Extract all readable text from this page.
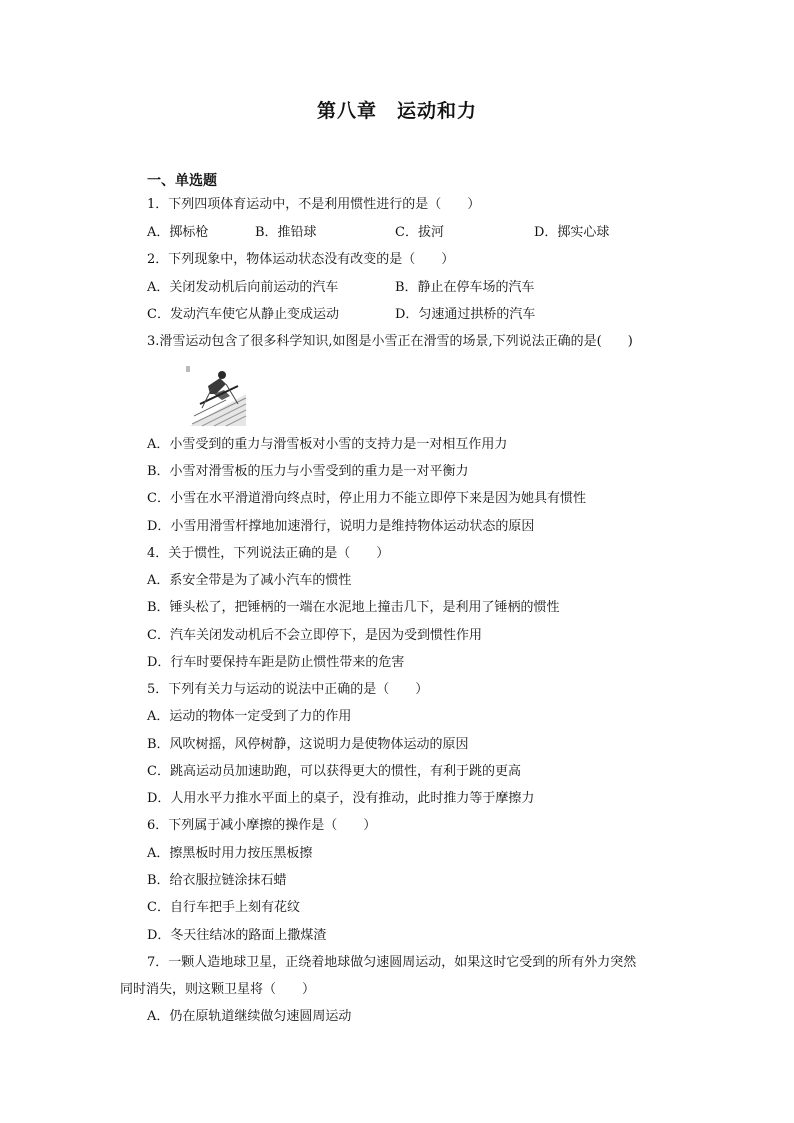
第八章　运动和力
一、单选题
1．下列四项体育运动中，不是利用惯性进行的是（　　）
A．掷标枪	B．推铅球	C．拔河	D．掷实心球
2．下列现象中，物体运动状态没有改变的是（　　）
A．关闭发动机后向前运动的汽车	B．静止在停车场的汽车
C．发动汽车使它从静止变成运动	D．匀速通过拱桥的汽车
3.滑雪运动包含了很多科学知识,如图是小雪正在滑雪的场景,下列说法正确的是(　　)
A．小雪受到的重力与滑雪板对小雪的支持力是一对相互作用力
B．小雪对滑雪板的压力与小雪受到的重力是一对平衡力
C．小雪在水平滑道滑向终点时，停止用力不能立即停下来是因为她具有惯性
D．小雪用滑雪杆撑地加速滑行，说明力是维持物体运动状态的原因
4．关于惯性，下列说法正确的是（　　）
A．系安全带是为了减小汽车的惯性
B．锤头松了，把锤柄的一端在水泥地上撞击几下，是利用了锤柄的惯性
C．汽车关闭发动机后不会立即停下，是因为受到惯性作用
D．行车时要保持车距是防止惯性带来的危害
5．下列有关力与运动的说法中正确的是（　　）
A．运动的物体一定受到了力的作用
B．风吹树摇，风停树静，这说明力是使物体运动的原因
C．跳高运动员加速助跑，可以获得更大的惯性，有利于跳的更高
D．人用水平力推水平面上的桌子，没有推动，此时推力等于摩擦力
6．下列属于减小摩擦的操作是（　　）
A．擦黑板时用力按压黑板擦
B．给衣服拉链涂抹石蜡
C．自行车把手上刻有花纹
D．冬天往结冰的路面上撒煤渣
7．一颗人造地球卫星，正绕着地球做匀速圆周运动，如果这时它受到的所有外力突然
同时消失，则这颗卫星将（　　）
A．仍在原轨道继续做匀速圆周运动
